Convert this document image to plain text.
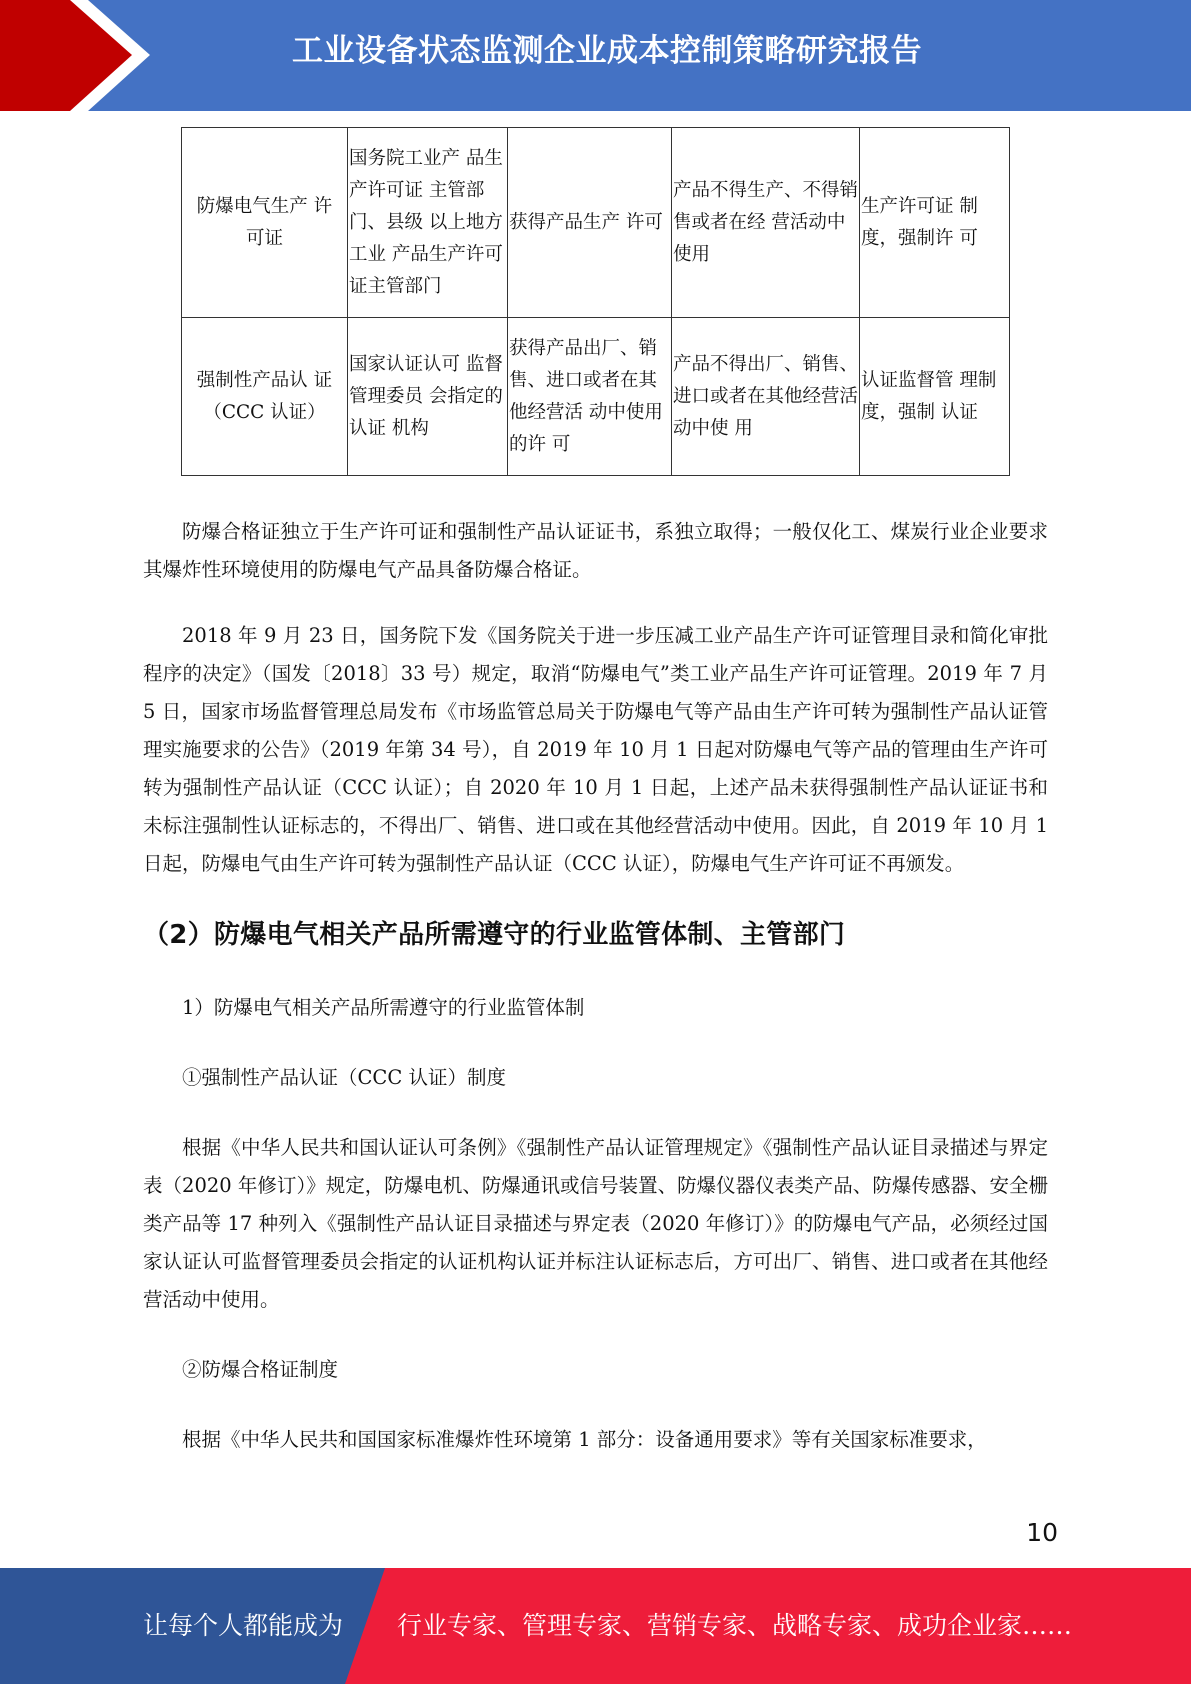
工业设备状态监测企业成本控制策略研究报告
防爆电气生产 许可证	国务院工业产 品生产许可证 主管部门、县级 以上地方工业 产品生产许可 证主管部门	获得产品生产 许可	产品不得生产、不得销售或者在经 营活动中使用	生产许可证 制度，强制许 可
强制性产品认 证（CCC 认证）	国家认证认可 监督管理委员 会指定的认证 机构	获得产品出厂、销售、进口或者在其他经营活 动中使用的许 可	产品不得出厂、销售、进口或者在其他经营活动中使 用	认证监督管 理制度，强制 认证

防爆合格证独立于生产许可证和强制性产品认证证书，系独立取得；一般仅化工、煤炭行业企业要求其爆炸性环境使用的防爆电气产品具备防爆合格证。

2018 年 9 月 23 日，国务院下发《国务院关于进一步压减工业产品生产许可证管理目录和简化审批程序的决定》（国发〔2018〕33 号）规定，取消“防爆电气”类工业产品生产许可证管理。2019 年 7 月 5 日，国家市场监督管理总局发布《市场监管总局关于防爆电气等产品由生产许可转为强制性产品认证管理实施要求的公告》（2019 年第 34 号），自 2019 年 10 月 1 日起对防爆电气等产品的管理由生产许可转为强制性产品认证（CCC 认证）；自 2020 年 10 月 1 日起，上述产品未获得强制性产品认证证书和未标注强制性认证标志的，不得出厂、销售、进口或在其他经营活动中使用。因此，自 2019 年 10 月 1 日起，防爆电气由生产许可转为强制性产品认证（CCC 认证），防爆电气生产许可证不再颁发。

（2）防爆电气相关产品所需遵守的行业监管体制、主管部门

1）防爆电气相关产品所需遵守的行业监管体制

①强制性产品认证（CCC 认证）制度

根据《中华人民共和国认证认可条例》《强制性产品认证管理规定》《强制性产品认证目录描述与界定表（2020 年修订）》规定，防爆电机、防爆通讯或信号装置、防爆仪器仪表类产品、防爆传感器、安全栅类产品等 17 种列入《强制性产品认证目录描述与界定表（2020 年修订）》的防爆电气产品，必须经过国家认证认可监督管理委员会指定的认证机构认证并标注认证标志后，方可出厂、销售、进口或者在其他经营活动中使用。

②防爆合格证制度

根据《中华人民共和国国家标准爆炸性环境第 1 部分：设备通用要求》等有关国家标准要求，

10
让每个人都能成为 行业专家、管理专家、营销专家、战略专家、成功企业家……
